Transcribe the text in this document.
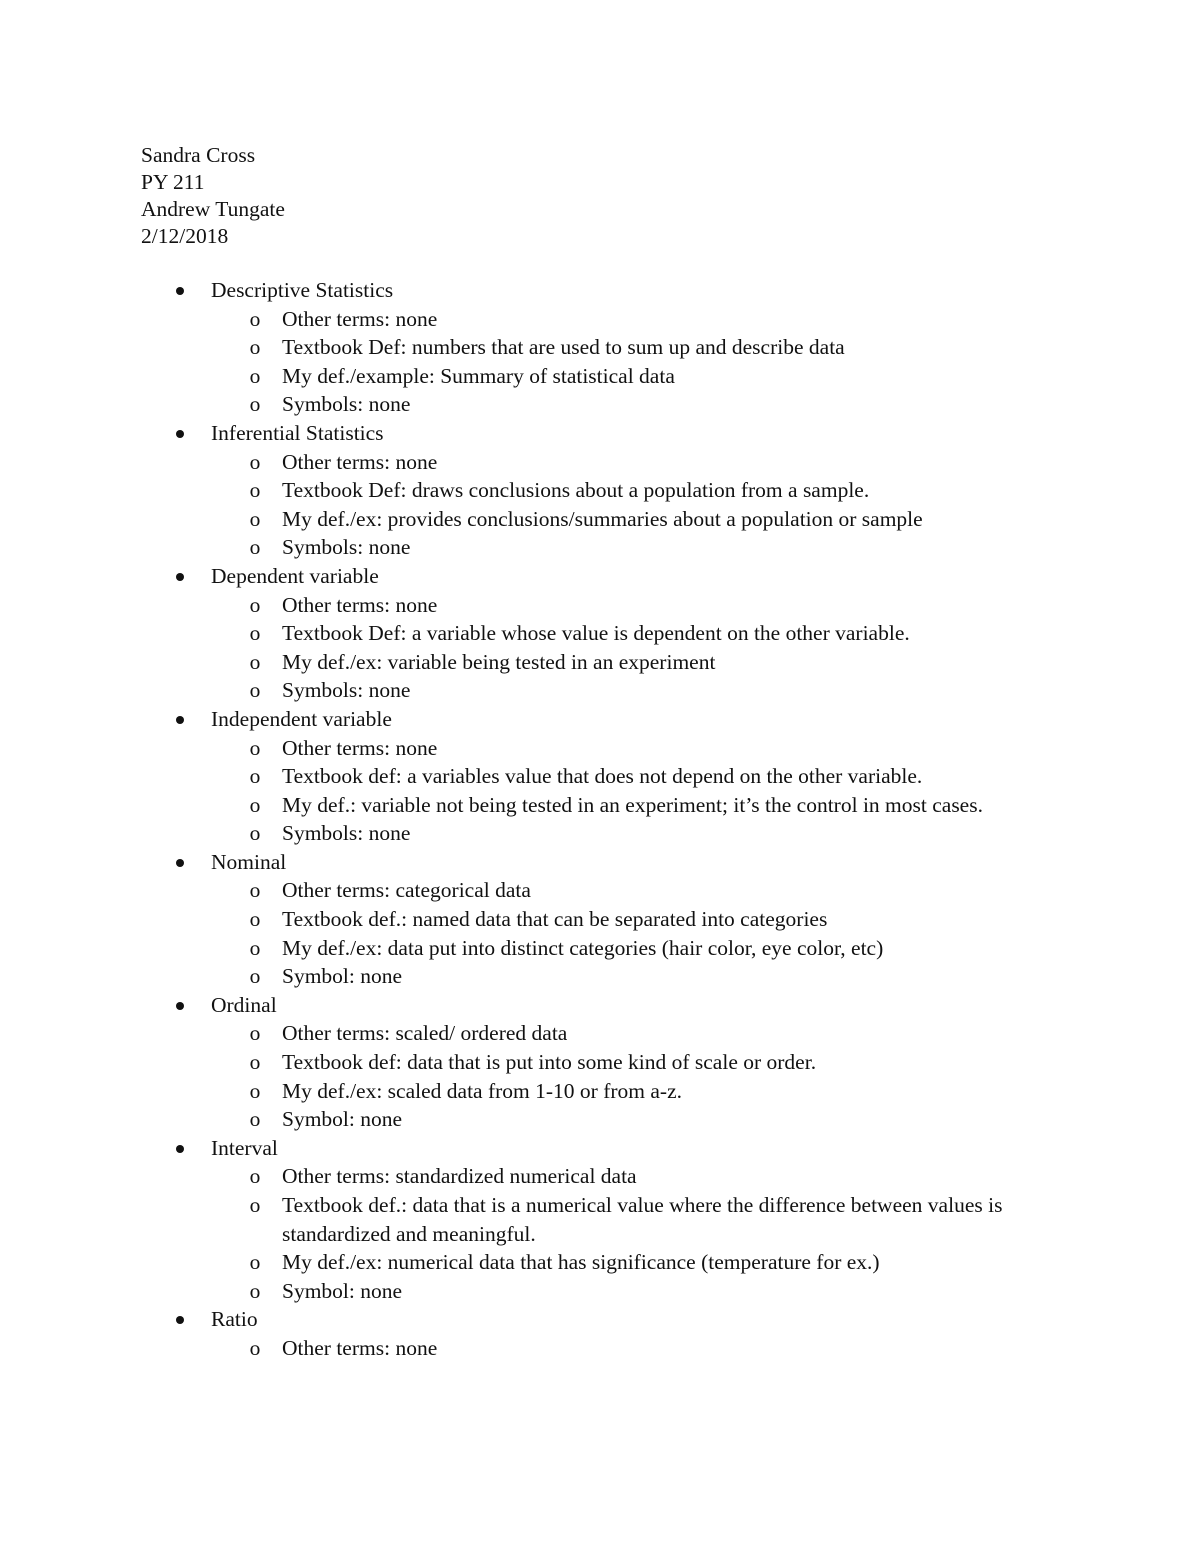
Sandra Cross
PY 211
Andrew Tungate
2/12/2018
Descriptive Statistics
o Other terms: none
o Textbook Def: numbers that are used to sum up and describe data
o My def./example: Summary of statistical data
o Symbols: none
Inferential Statistics
o Other terms: none
o Textbook Def: draws conclusions about a population from a sample.
o My def./ex: provides conclusions/summaries about a population or sample
o Symbols: none
Dependent variable
o Other terms: none
o Textbook Def: a variable whose value is dependent on the other variable.
o My def./ex: variable being tested in an experiment
o Symbols: none
Independent variable
o Other terms: none
o Textbook def: a variables value that does not depend on the other variable.
o My def.: variable not being tested in an experiment; it’s the control in most cases.
o Symbols: none
Nominal
o Other terms: categorical data
o Textbook def.: named data that can be separated into categories
o My def./ex: data put into distinct categories (hair color, eye color, etc)
o Symbol: none
Ordinal
o Other terms: scaled/ ordered data
o Textbook def: data that is put into some kind of scale or order.
o My def./ex: scaled data from 1-10 or from a-z.
o Symbol: none
Interval
o Other terms: standardized numerical data
o Textbook def.: data that is a numerical value where the difference between values is standardized and meaningful.
o My def./ex: numerical data that has significance (temperature for ex.)
o Symbol: none
Ratio
o Other terms: none
